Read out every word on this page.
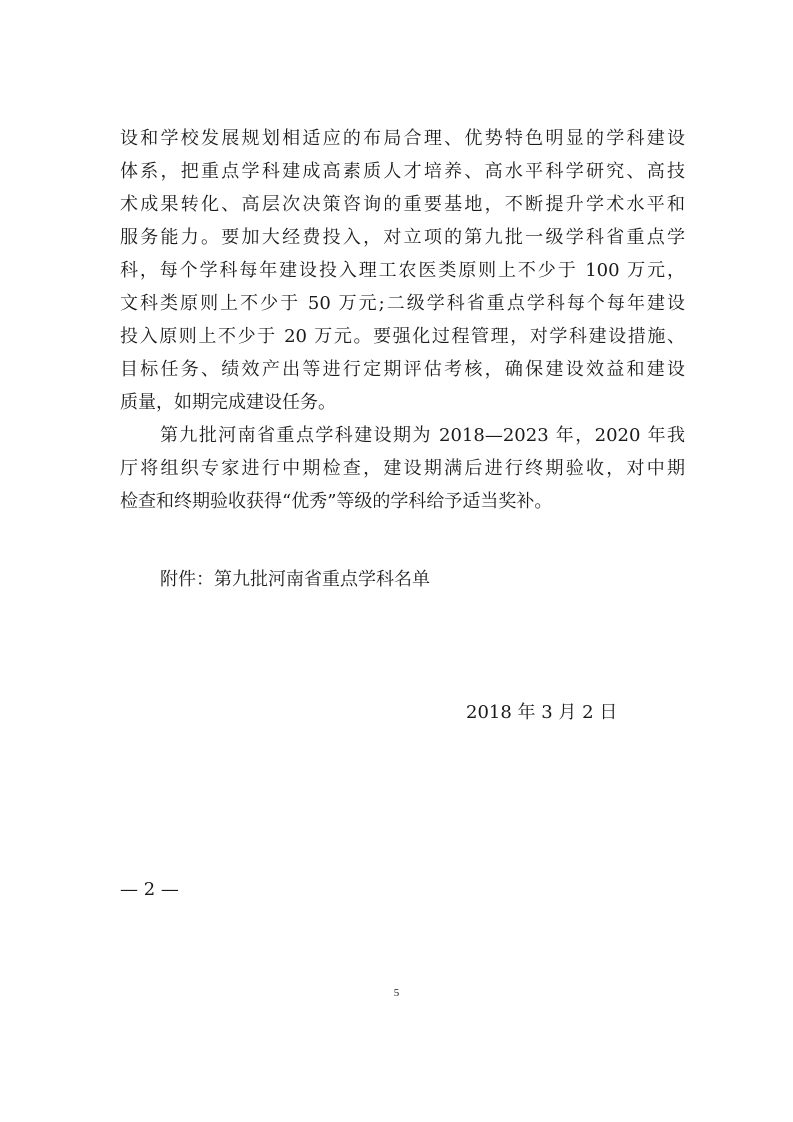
设和学校发展规划相适应的布局合理、优势特色明显的学科建设
体系，把重点学科建成高素质人才培养、高水平科学研究、高技
术成果转化、高层次决策咨询的重要基地，不断提升学术水平和
服务能力。要加大经费投入，对立项的第九批一级学科省重点学
科，每个学科每年建设投入理工农医类原则上不少于 100 万元，
文科类原则上不少于 50 万元;二级学科省重点学科每个每年建设
投入原则上不少于 20 万元。要强化过程管理，对学科建设措施、
目标任务、绩效产出等进行定期评估考核，确保建设效益和建设
质量，如期完成建设任务。
第九批河南省重点学科建设期为 2018—2023 年，2020 年我
厅将组织专家进行中期检查，建设期满后进行终期验收，对中期
检查和终期验收获得“优秀”等级的学科给予适当奖补。
附件：第九批河南省重点学科名单
2018 年 3 月 2 日
— 2 —
5
